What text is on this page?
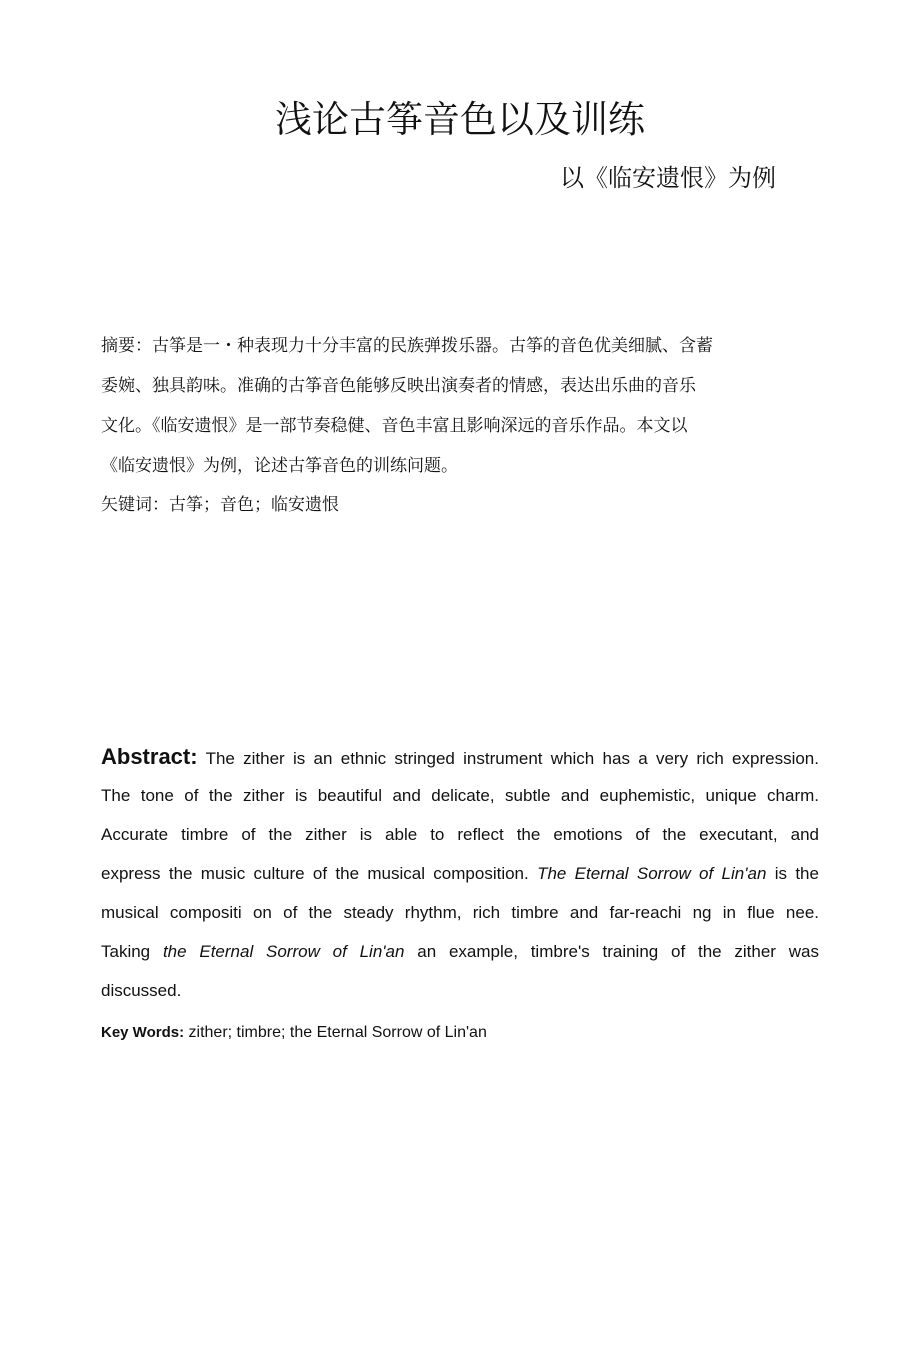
浅论古筝音色以及训练
以《临安遗恨》为例

摘要：古筝是一・种表现力十分丰富的民族弹拨乐器。古筝的音色优美细腻、含蓄

委婉、独具韵味。准确的古筝音色能够反映出演奏者的情感，表达出乐曲的音乐

文化。《临安遗恨》是一部节奏稳健、音色丰富且影响深远的音乐作品。本文以

《临安遗恨》为例，论述古筝音色的训练问题。

矢键词：古筝；音色；临安遗恨
Abstract: The zither is an ethnic stringed instrument which has a very rich expression.
The tone of the zither is beautiful and delicate, subtle and euphemistic, unique charm.
Accurate timbre of the zither is able to reflect the emotions of the executant, and
express the music culture of the musical composition. The Eternal Sorrow of Lin'an is the
musical compositi on of the steady rhythm, rich timbre and far-reachi ng in flue nee.
Taking the Eternal Sorrow of Lin'an an example, timbre's training of the zither was
discussed.
Key Words: zither; timbre; the Eternal Sorrow of Lin'an
